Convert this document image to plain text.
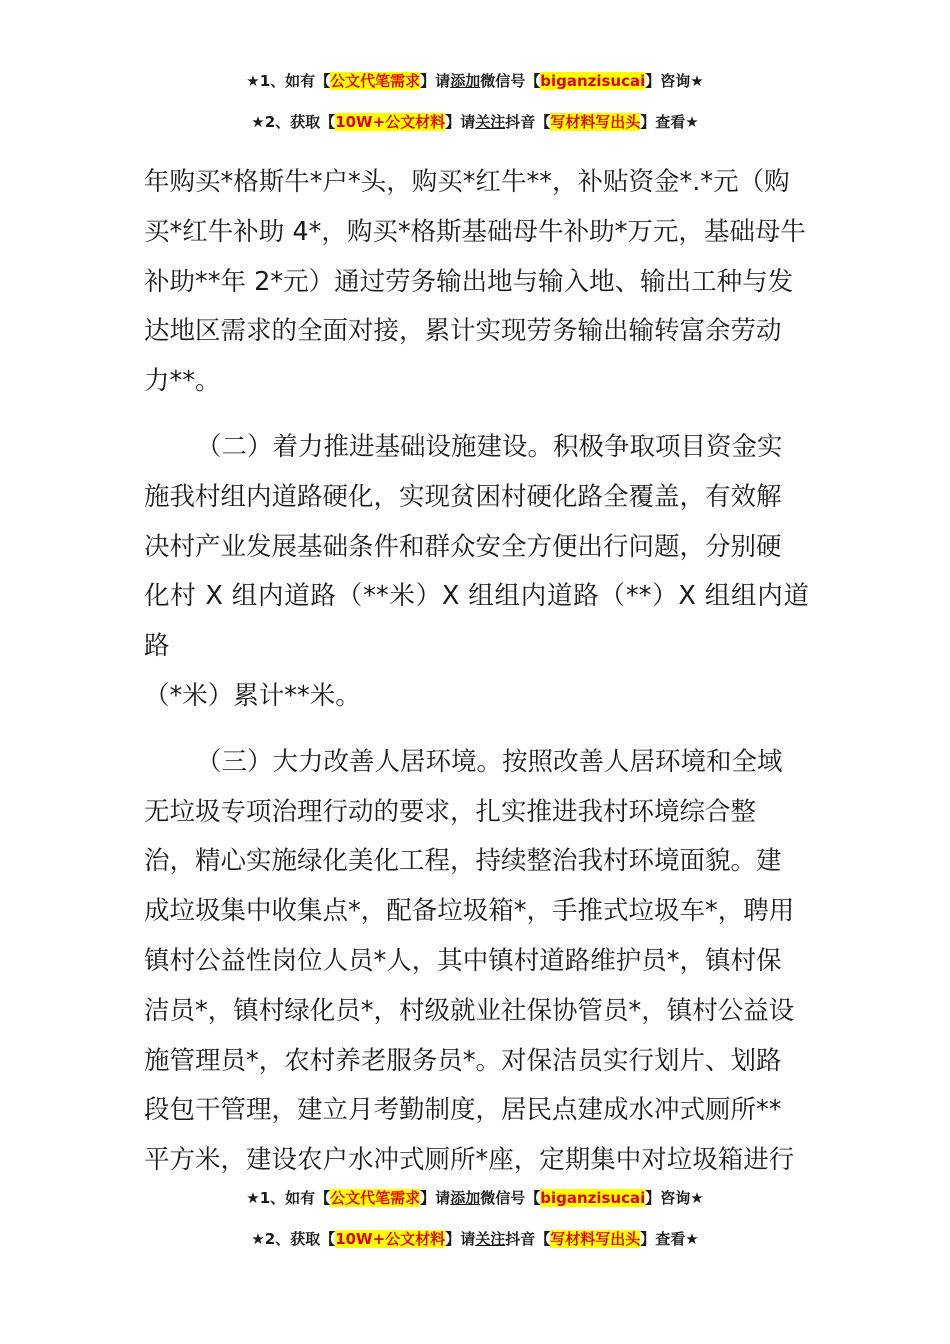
★1、如有【公文代笔需求】请添加微信号【biganzisucai】咨询★
★2、获取【10W+公文材料】请关注抖音【写材料写出头】查看★

年购买*格斯牛*户*头，购买*红牛**，补贴资金*.*元（购
买*红牛补助 4*，购买*格斯基础母牛补助*万元，基础母牛
补助**年 2*元）通过劳务输出地与输入地、输出工种与发
达地区需求的全面对接，累计实现劳务输出输转富余劳动
力**。

（二）着力推进基础设施建设。积极争取项目资金实
施我村组内道路硬化，实现贫困村硬化路全覆盖，有效解
决村产业发展基础条件和群众安全方便出行问题，分别硬
化村 X 组内道路（**米）X 组组内道路（**）X 组组内道路
（*米）累计**米。

（三）大力改善人居环境。按照改善人居环境和全域
无垃圾专项治理行动的要求，扎实推进我村环境综合整
治，精心实施绿化美化工程，持续整治我村环境面貌。建
成垃圾集中收集点*，配备垃圾箱*，手推式垃圾车*，聘用
镇村公益性岗位人员*人，其中镇村道路维护员*，镇村保
洁员*，镇村绿化员*，村级就业社保协管员*，镇村公益设
施管理员*，农村养老服务员*。对保洁员实行划片、划路
段包干管理，建立月考勤制度，居民点建成水冲式厕所**
平方米，建设农户水冲式厕所*座，定期集中对垃圾箱进行

★1、如有【公文代笔需求】请添加微信号【biganzisucai】咨询★
★2、获取【10W+公文材料】请关注抖音【写材料写出头】查看★
